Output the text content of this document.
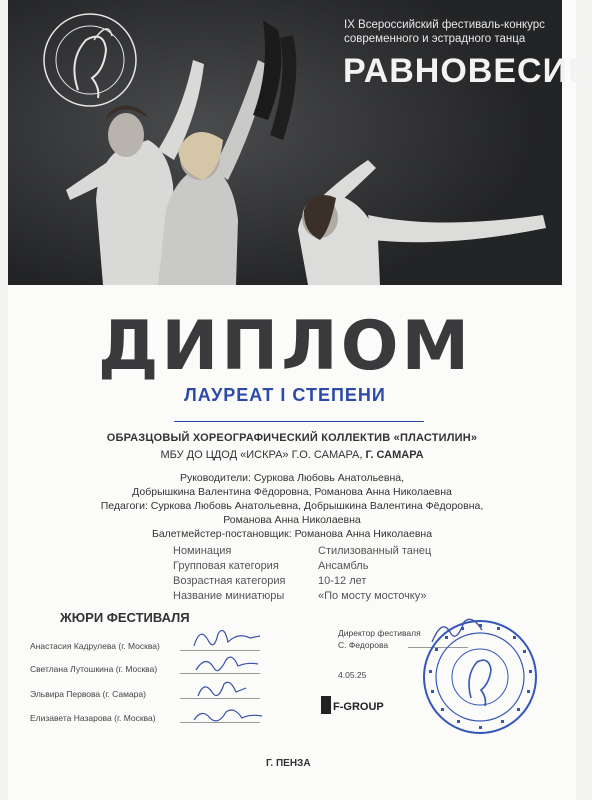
IX Всероссийский фестиваль-конкурс
современного и эстрадного танца
РАВНОВЕСИЕ
ДИПЛОМ
ЛАУРЕАТ I СТЕПЕНИ
ОБРАЗЦОВЫЙ ХОРЕОГРАФИЧЕСКИЙ КОЛЛЕКТИВ «ПЛАСТИЛИН»
МБУ ДО ЦДОД «ИСКРА» Г.О. САМАРА, Г. САМАРА
Руководители: Суркова Любовь Анатольевна,
Добрышкина Валентина Фёдоровна, Романова Анна Николаевна
Педагоги: Суркова Любовь Анатольевна, Добрышкина Валентина Фёдоровна,
Романова Анна Николаевна
Балетмейстер-постановщик: Романова Анна Николаевна
Номинация	Стилизованный танец
Групповая категория	Ансамбль
Возрастная категория	10-12 лет
Название миниатюры	«По мосту мосточку»
ЖЮРИ ФЕСТИВАЛЯ
Анастасия Кадрулева (г. Москва)
Светлана Лутошкина (г. Москва)
Эльвира Первова (г. Самара)
Елизавета Назарова (г. Москва)
Директор фестиваля
С. Федорова
4.05.25
F-GROUP
Г. ПЕНЗА
